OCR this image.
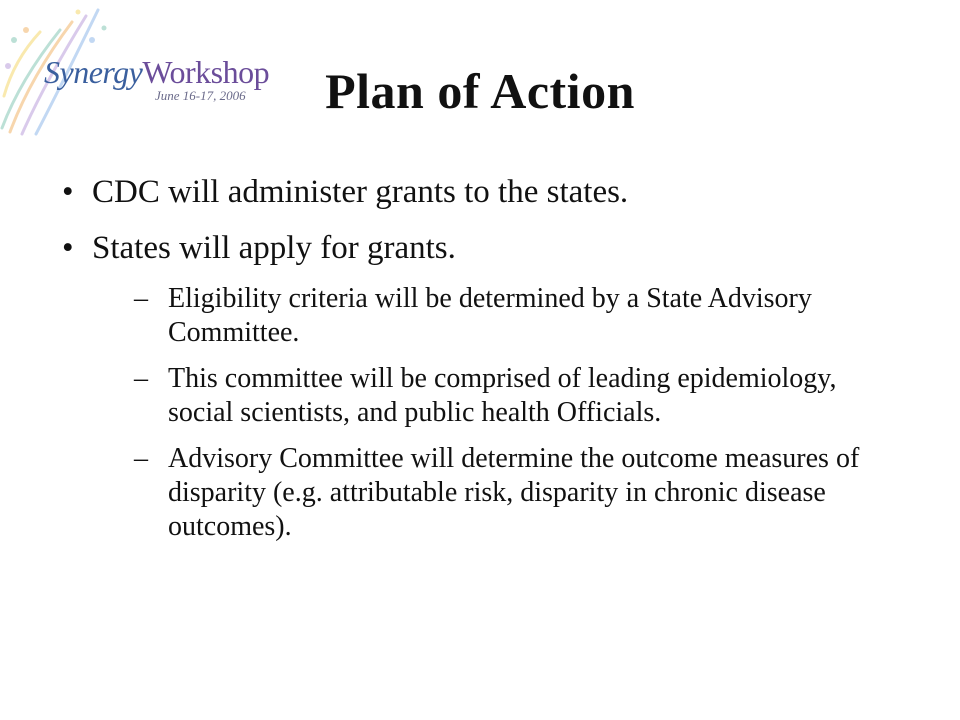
SynergyWorkshop
June 16-17, 2006	Plan of Action
• CDC will administer grants to the states.
• States will apply for grants.
– Eligibility criteria will be determined by a State Advisory Committee.
– This committee will be comprised of leading epidemiology, social scientists, and public health Officials.
– Advisory Committee will determine the outcome measures of disparity (e.g. attributable risk, disparity in chronic disease outcomes).
